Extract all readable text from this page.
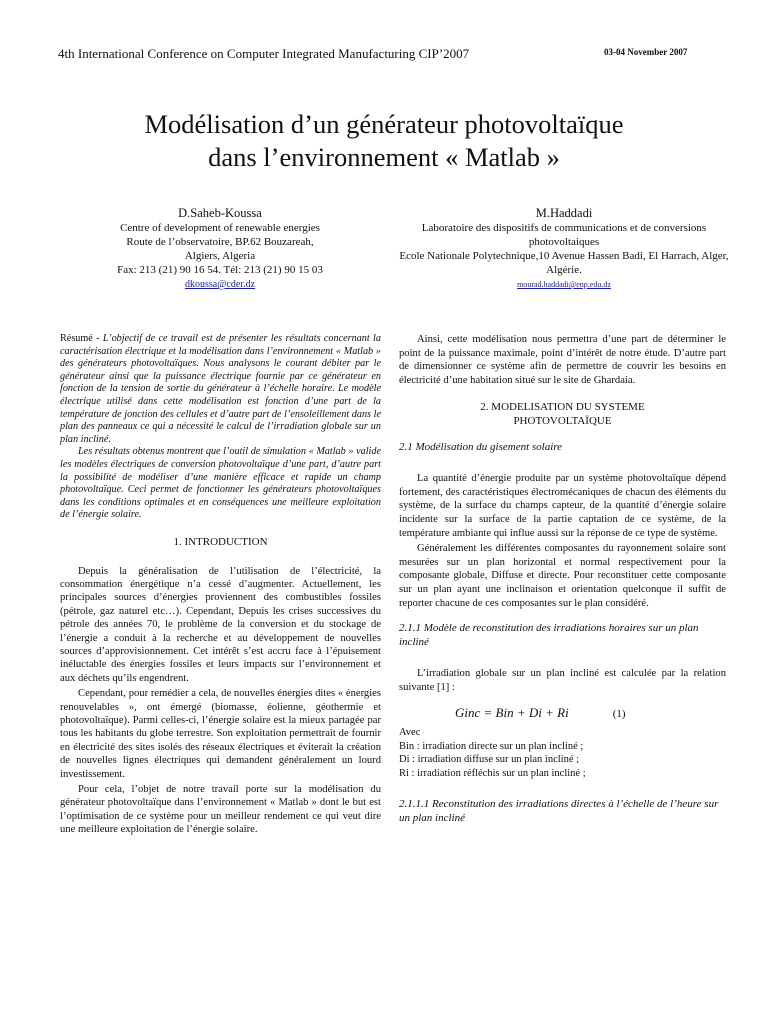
4th International Conference on Computer Integrated Manufacturing CIP’2007	03-04 November 2007
Modélisation d’un générateur photovoltaïque
dans l’environnement « Matlab »
D.Saheb-Koussa
Centre of development of renewable energies
Route de l’observatoire, BP.62 Bouzareah,
Algiers, Algeria
Fax: 213 (21) 90 16 54. Tél: 213 (21) 90 15 03
dkoussa@cder.dz
M.Haddadi
Laboratoire des dispositifs de communications et de conversions photovoltaiques
Ecole Nationale Polytechnique,10 Avenue Hassen Badi, El Harrach, Alger, Algérie.
mourad.haddadi@enp.edu.dz

Résumé - L’objectif de ce travail est de présenter les résultats concernant la caractérisation électrique et la modélisation dans l’environnement « Matlab » des générateurs photovoltaïques. Nous analysons le courant débiter par le générateur ainsi que la puissance électrique fournie par ce générateur en fonction de la tension de sortie du générateur à l’échelle horaire. Le modèle électrique utilisé dans cette modélisation est fonction d’une part de la température de jonction des cellules et d’autre part de l’ensoleillement dans le plan des panneaux ce qui a nécessité le calcul de l’irradiation globale sur un plan incliné.

Les résultats obtenus montrent que l’outil de simulation « Matlab » valide les modèles électriques de conversion photovoltaïque d’une part, d’autre part la possibilité de modéliser d’une manière efficace et rapide un champ photovoltaïque. Ceci permet de fonctionner les générateurs photovoltaïques dans les conditions optimales et en conséquences une meilleure exploitation de l’énergie solaire.

1. INTRODUCTION

Depuis la généralisation de l’utilisation de l’électricité, la consommation énergétique n’a cessé d’augmenter. Actuellement, les principales sources d’énergies proviennent des combustibles fossiles (pétrole, gaz naturel etc…). Cependant, Depuis les crises successives du pétrole des années 70, le problème de la conversion et du stockage de l’énergie a conduit à la recherche et au développement de nouvelles sources d’approvisionnement. Cet intérêt s’est accru face à l’épuisement inéluctable des énergies fossiles et leurs impacts sur l’environnement et aux déchets qu’ils engendrent.

Cependant, pour remédier a cela, de nouvelles énergies dites « énergies renouvelables », ont émergé (biomasse, éolienne, géothermie et photovoltaïque). Parmi celles-ci, l’énergie solaire est la mieux partagée par tous les habitants du globe terrestre. Son exploitation permettrait de fournir en électricité des sites isolés des réseaux électriques et éviterait la création de nouvelles lignes électriques qui demandent généralement un lourd investissement.

Pour cela, l’objet de notre travail porte sur la modélisation du générateur photovoltaïque dans l’environnement « Matlab » dont le but est l’optimisation de ce système pour un meilleur rendement ce qui veut dire une meilleure exploitation de l’énergie solaire.

Ainsi, cette modélisation nous permettra d’une part de déterminer le point de la puissance maximale, point d’intérêt de notre étude. D’autre part de dimensionner ce système afin de permettre de couvrir les besoins en électricité d’une habitation situé sur le site de Ghardaia.

2. MODELISATION DU SYSTEME

PHOTOVOLTAÏQUE

2.1 Modélisation du gisement solaire

La quantité d’énergie produite par un système photovoltaïque dépend fortement, des caractéristiques électromécaniques de chacun des éléments du système, de la surface du champs capteur, de la quantité d’énergie solaire incidente sur la surface de la partie captation de ce système, de la température ambiante qui influe aussi sur la réponse de ce type de système.

Généralement les différentes composantes du rayonnement solaire sont mesurées sur un plan horizontal et normal respectivement pour la composante globale, Diffuse et directe. Pour reconstituer cette composante sur un plan ayant une inclinaison et orientation quelconque il suffit de reporter chacune de ces composantes sur le plan considéré.

2.1.1 Modèle de reconstitution des irradiations horaires sur un plan incliné

L’irradiation globale sur un plan incliné est calculée par la relation suivante [1] :

Ginc = Bin + Di + Ri	(1)

Avec

Bin : irradiation directe sur un plan incliné ;

Di : irradiation diffuse sur un plan incliné ;

Ri : irradiation réfléchis sur un plan incliné ;

2.1.1.1 Reconstitution des irradiations directes à l’échelle de l’heure sur un plan incliné
